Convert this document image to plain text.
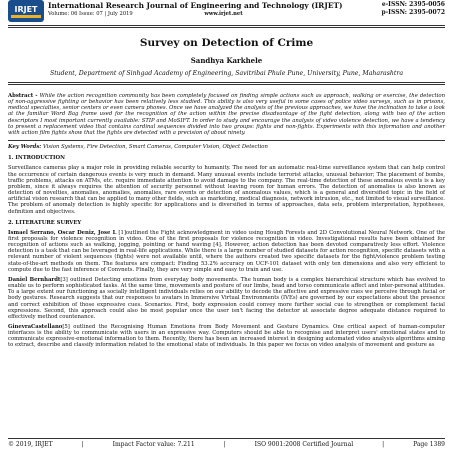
IRJET International Research Journal of Engineering and Technology (IRJET)
Volume: 06 Issue: 07 | July 2019	www.irjet.net
e-ISSN: 2395-0056
p-ISSN: 2395-0072
Survey on Detection of Crime
Sandhya Karkhele
Student, Department of Sinhgad Academy of Engineering, Savitribai Phule Pune, University, Pune, Maharashtra

Abstract - While the action recognition community has been completely focused on finding simple actions such as approach, walking or exercise, the detection of non-aggressive fighting or behavior has been relatively less studied. This ability is also very useful in some cases of police video surveys, such as in prisons, medical specialties, senior centers or even camera phones. Once we have analyzed the analysis of the previous approaches, we have the inclination to take a look at the familiar Word Bag frame used for the recognition of the action within the precise disadvantage of the fight detection, along with two of the action descriptors I most important currently available: STIP and MoSIFT. In order to study and encourage the analysis of video violence detection, we have a tendency to present a replacement video that contains cardinal sequences divided into two groups: fights and non-fights. Experiments with this information and another with action film fights show that the fights are detected with a precision of about ninety.

Key Words: Vision Systems, Fire Detection, Smart Cameras, Computer Vision, Object Detection

1. INTRODUCTION

Surveillance cameras play a major role in providing reliable security to humanity. The need for an automatic real-time surveillance system that can help control the occurrence of certain dangerous events is very much in demand. Many unusual events include terrorist attacks, unusual behavior; The placement of bombs, traffic problems, attacks on ATMs, etc. require immediate attention to avoid damage to the company. The real-time detection of these anomalous events is a key problem, since it always requires the attention of security personnel without leaving room for human errors. The detection of anomalies is also known as detection of novelties, anomalies, anomalies, anomalies, rare events or detection of anomalous values, which is a general and diversified topic in the field of artificial vision research that can be applied to many other fields, such as marketing, medical diagnosis, network intrusion, etc., not limited to visual surveillance. The problem of anomaly detection is highly specific for applications and is diversified in terms of approaches, data sets, problem interpretation, hypotheses, definition and objectives.

2. LITERATURE SURVEY

Ismael Serrano, Oscar Deniz, Jose L [1]outlined the Fight acknowledgment in video using Hough Forests and 2D Convolutional Neural Network. One of the first proposals for violence recognition in video. One of the first proposals for violence recognition in video. Investigational results have been obtained for recognition of actions such as walking, jogging, pointing or hand waving [4]. However, action detection has been devoted comparatively less effort. Violence detection is a task that can be leveraged in real-life applications. While there is a large number of studied datasets for action recognition, specific datasets with a relevant number of violent sequences (fights) were not available until, where the authors created two specific datasets for the fight/violence problem testing state-of-the-art methods on them. The features are compact: Finding 53.2% accuracy on UCF-101 dataset with only ten dimensions and also very efficient to compute due to the fast inference of Convnets. Finally, they are very simple and easy to train and use.

Daniel Bernhardt[3] outlined Detecting emotions from everyday body movements. The human body is a complex hierarchical structure which has evolved to enable us to perform sophisticated tasks. At the same time, movements and posture of our limbs, head and torso communicate affect and inter-personal attitudes. To a large extent our functioning as socially intelligent individuals relies on our ability to decode the affective and expressive cues we perceive through facial or body gestures. Research suggests that our responses to avatars in Immersive Virtual Environments (IVEs) are governed by our expectations about the presence and correct exhibition of those expressive cues. Scenarios. First, body expression could convey more further social cue to strengthen or complement facial expressions. Second, this approach could also be most popular once the user isn't facing the detector at associate degree adequate distance required to effectively method countenance.

GinevraCastellano[5] outlined the Recognising Human Emotions from Body Movement and Gesture Dynamics. One critical aspect of human-computer interfaces is the ability to communicate with users in an expressive way. Computers should be able to recognise and interpret users' emotional states and to communicate expressive-emotional information to them. Recently, there has been an increased interest in designing automated video analysis algorithms aiming to extract, describe and classify information related to the emotional state of individuals. In this paper we focus on video analysis of movement and gesture as

© 2019, IRJET	|	Impact Factor value: 7.211	|	ISO 9001:2008 Certified Journal	|	Page 1389
